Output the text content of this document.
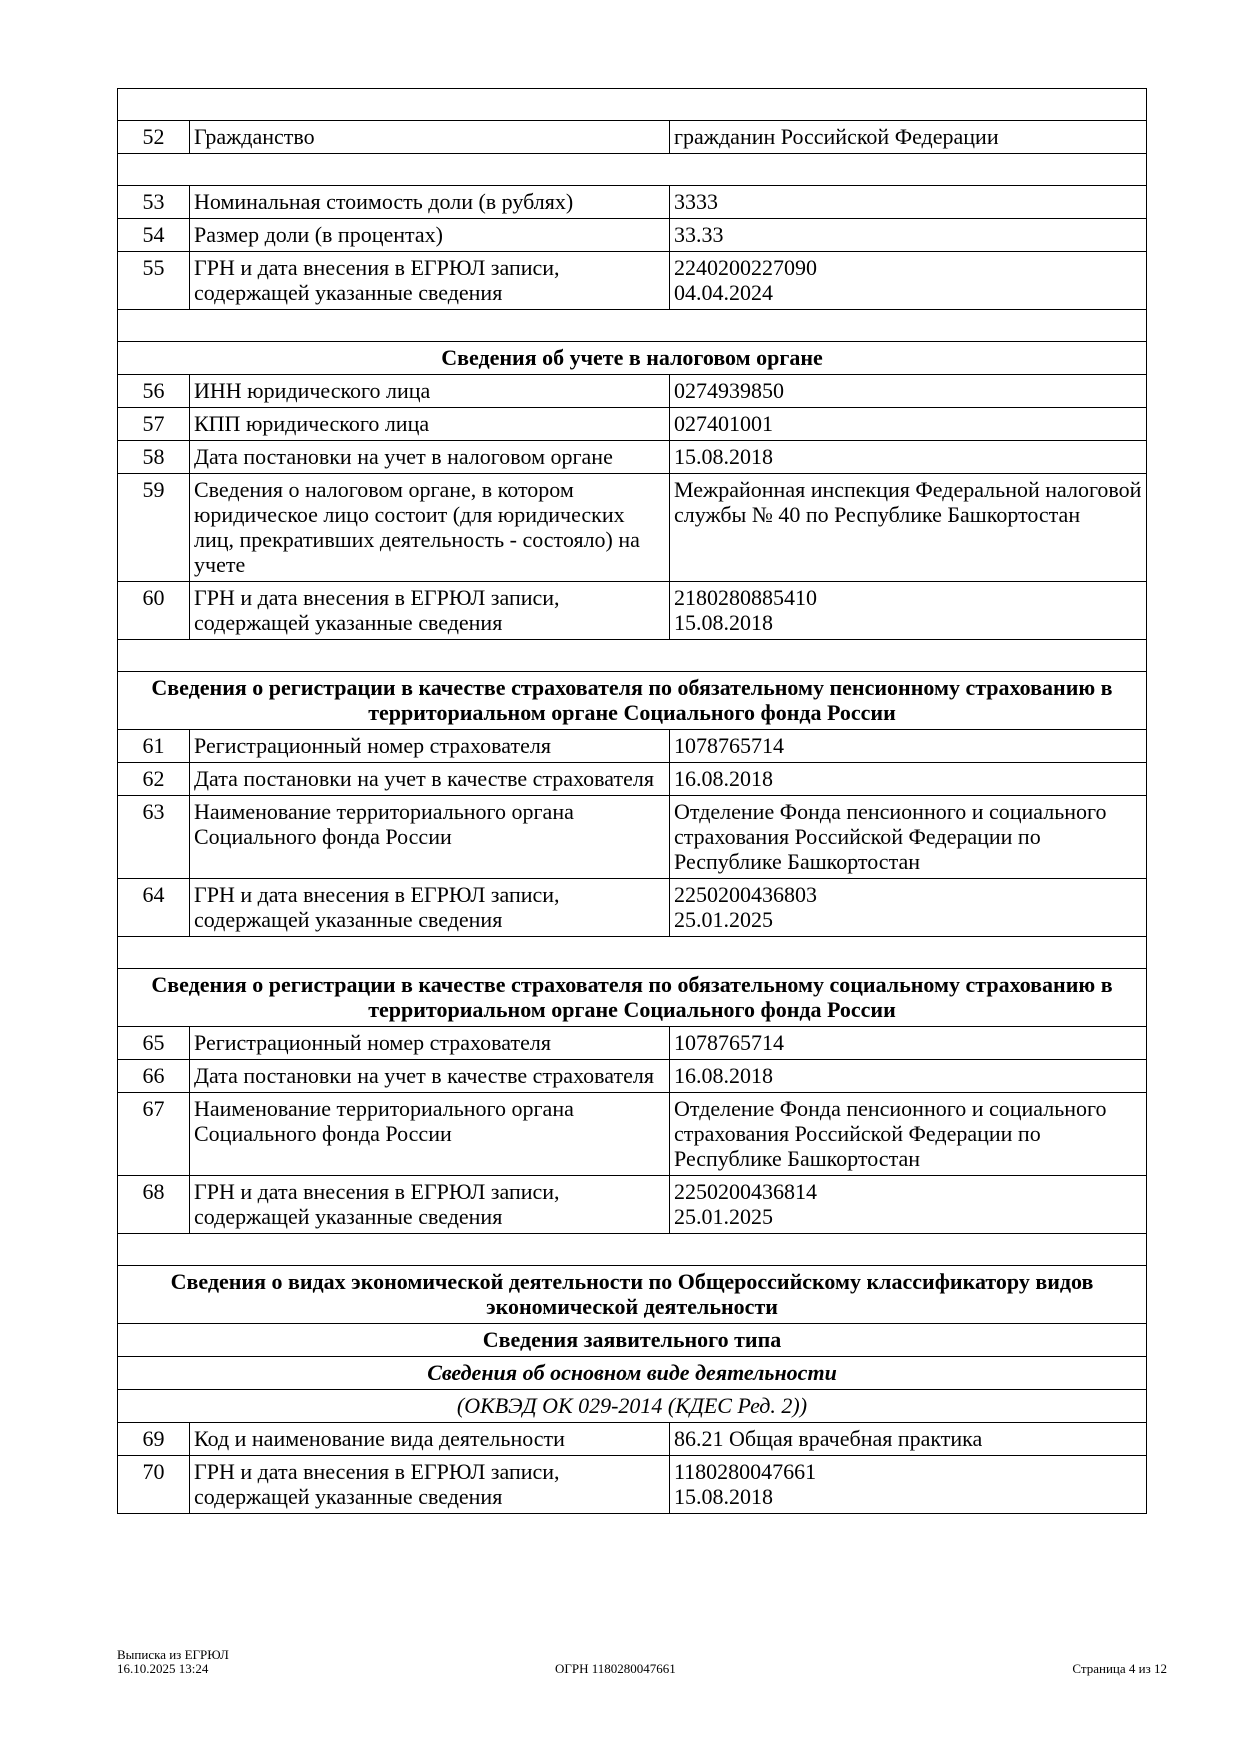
52	Гражданство	гражданин Российской Федерации

53	Номинальная стоимость доли (в рублях)	3333

54	Размер доли (в процентах)	33.33

55	ГРН и дата внесения в ЕГРЮЛ записи, содержащей указанные сведения	2240200227090
04.04.2024

Сведения об учете в налоговом органе		
56	ИНН юридического лица	0274939850

57	КПП юридического лица	027401001

58	Дата постановки на учет в налоговом органе	15.08.2018

59	Сведения о налоговом органе, в котором юридическое лицо состоит (для юридических лиц, прекративших деятельность - состояло) на учете	Межрайонная инспекция Федеральной налоговой службы № 40 по Республике Башкортостан

60	ГРН и дата внесения в ЕГРЮЛ записи, содержащей указанные сведения	2180280885410
15.08.2018

Сведения о регистрации в качестве страхователя по обязательному пенсионному страхованию в территориальном органе Социального фонда России		
61	Регистрационный номер страхователя	1078765714

62	Дата постановки на учет в качестве страхователя	16.08.2018

63	Наименование территориального органа Социального фонда России	Отделение Фонда пенсионного и социального страхования Российской Федерации по Республике Башкортостан

64	ГРН и дата внесения в ЕГРЮЛ записи, содержащей указанные сведения	2250200436803
25.01.2025

Сведения о регистрации в качестве страхователя по обязательному социальному страхованию в территориальном органе Социального фонда России		
65	Регистрационный номер страхователя	1078765714

66	Дата постановки на учет в качестве страхователя	16.08.2018

67	Наименование территориального органа Социального фонда России	Отделение Фонда пенсионного и социального страхования Российской Федерации по Республике Башкортостан

68	ГРН и дата внесения в ЕГРЮЛ записи, содержащей указанные сведения	2250200436814
25.01.2025

Сведения о видах экономической деятельности по Общероссийскому классификатору видов экономической деятельности		
Сведения заявительного типа		
Сведения об основном виде деятельности		
(ОКВЭД ОК 029-2014 (КДЕС Ред. 2))		
69	Код и наименование вида деятельности	86.21 Общая врачебная практика

70	ГРН и дата внесения в ЕГРЮЛ записи, содержащей указанные сведения	1180280047661
15.08.2018
Выписка из ЕГРЮЛ
16.10.2025 13:24	ОГРН 1180280047661	Страница 4 из 12
